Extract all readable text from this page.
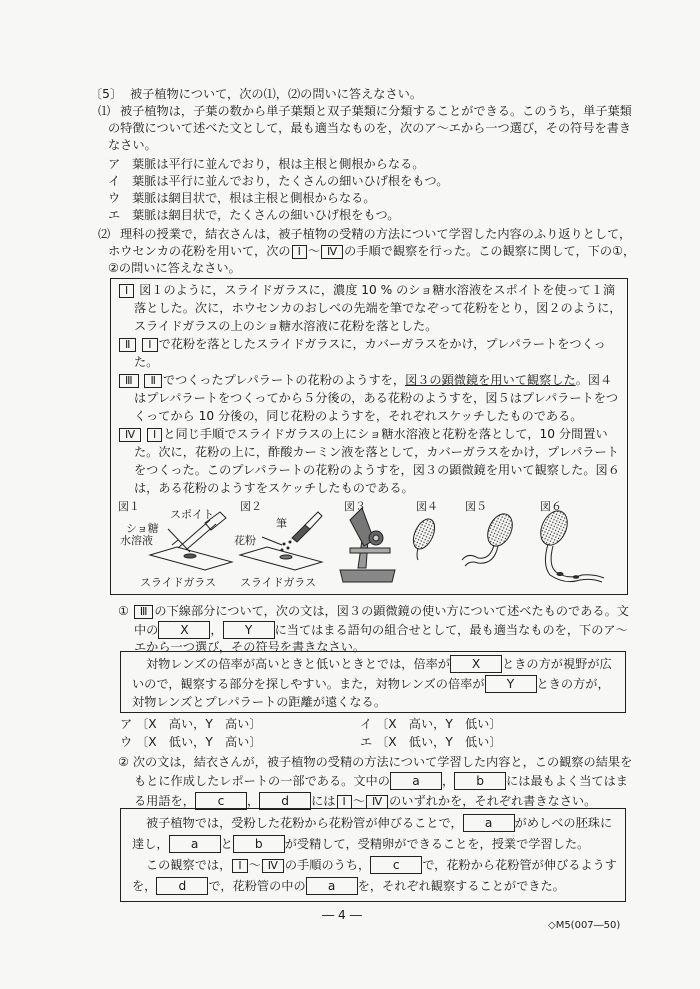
〔5〕 被子植物について，次の⑴，⑵の問いに答えなさい。
⑴ 被子植物は，子葉の数から単子葉類と双子葉類に分類することができる。このうち，単子葉類
の特徴について述べた文として，最も適当なものを，次のア～エから一つ選び，その符号を書き
なさい。
ア 葉脈は平行に並んでおり，根は主根と側根からなる。
イ 葉脈は平行に並んでおり，たくさんの細いひげ根をもつ。
ウ 葉脈は網目状で，根は主根と側根からなる。
エ 葉脈は網目状で，たくさんの細いひげ根をもつ。
⑵ 理科の授業で，結衣さんは，被子植物の受精の方法について学習した内容のふり返りとして，
ホウセンカの花粉を用いて，次の Ⅰ ～ Ⅳ の手順で観察を行った。この観察に関して，下の①，
②の問いに答えなさい。
Ⅰ 図１のように，スライドガラスに，濃度 10 % のショ糖水溶液をスポイトを使って１滴
落とした。次に，ホウセンカのおしべの先端を筆でなぞって花粉をとり，図２のように，
スライドガラスの上のショ糖水溶液に花粉を落とした。
Ⅱ Ⅰ で花粉を落としたスライドガラスに，カバーガラスをかけ，プレパラートをつくっ
た。
Ⅲ Ⅱ でつくったプレパラートの花粉のようすを，図３の顕微鏡を用いて観察した。図４
はプレパラートをつくってから５分後の，ある花粉のようすを，図５はプレパラートをつ
くってから 10 分後の，同じ花粉のようすを，それぞれスケッチしたものである。
Ⅳ Ⅰ と同じ手順でスライドガラスの上にショ糖水溶液と花粉を落として，10 分間置い
た。次に，花粉の上に，酢酸カーミン液を落として，カバーガラスをかけ，プレパラート
をつくった。このプレパラートの花粉のようすを，図３の顕微鏡を用いて観察した。図６
は，ある花粉のようすをスケッチしたものである。
図１	図２	図３	図４ 図５	図６
スポイト
ショ糖
水溶液
筆
花粉
スライドガラス スライドガラス
① Ⅲ の下線部分について，次の文は，図３の顕微鏡の使い方について述べたものである。文
中の X ， Y に当てはまる語句の組合せとして，最も適当なものを，下のア～
エから一つ選び，その符号を書きなさい。
対物レンズの倍率が高いときと低いときとでは，倍率が X ときの方が視野が広
いので，観察する部分を探しやすい。また，対物レンズの倍率が Y ときの方が，
対物レンズとプレパラートの距離が遠くなる。
ア 〔X　高い，Y　高い〕	イ 〔X　高い，Y　低い〕
ウ 〔X　低い，Y　高い〕	エ 〔X　低い，Y　低い〕
② 次の文は，結衣さんが，被子植物の受精の方法について学習した内容と，この観察の結果を
もとに作成したレポートの一部である。文中の a ， b には最もよく当てはま
る用語を， c ， d には Ⅰ ～ Ⅳ のいずれかを，それぞれ書きなさい。
被子植物では，受粉した花粉から花粉管が伸びることで， a がめしべの胚珠に
達し， a と b が受精して，受精卵ができることを，授業で学習した。
この観察では， Ⅰ ～ Ⅳ の手順のうち， c で，花粉から花粉管が伸びるようす
を， d で，花粉管の中の a を，それぞれ観察することができた。
― 4 ―
◇M5(007―50)
